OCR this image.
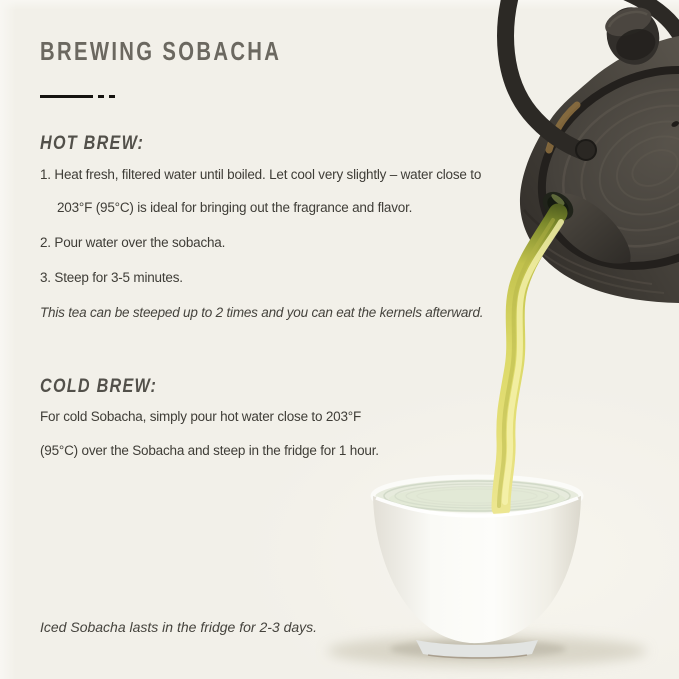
BREWING SOBACHA
HOT BREW:

1. Heat fresh, filtered water until boiled. Let cool very slightly – water close to 203°F (95°C) is ideal for bringing out the fragrance and flavor.

2. Pour water over the sobacha.

3. Steep for 3-5 minutes.

This tea can be steeped up to 2 times and you can eat the kernels afterward.

COLD BREW:
For cold Sobacha, simply pour hot water close to 203°F (95°C) over the Sobacha and steep in the fridge for 1 hour.
Iced Sobacha lasts in the fridge for 2-3 days.
